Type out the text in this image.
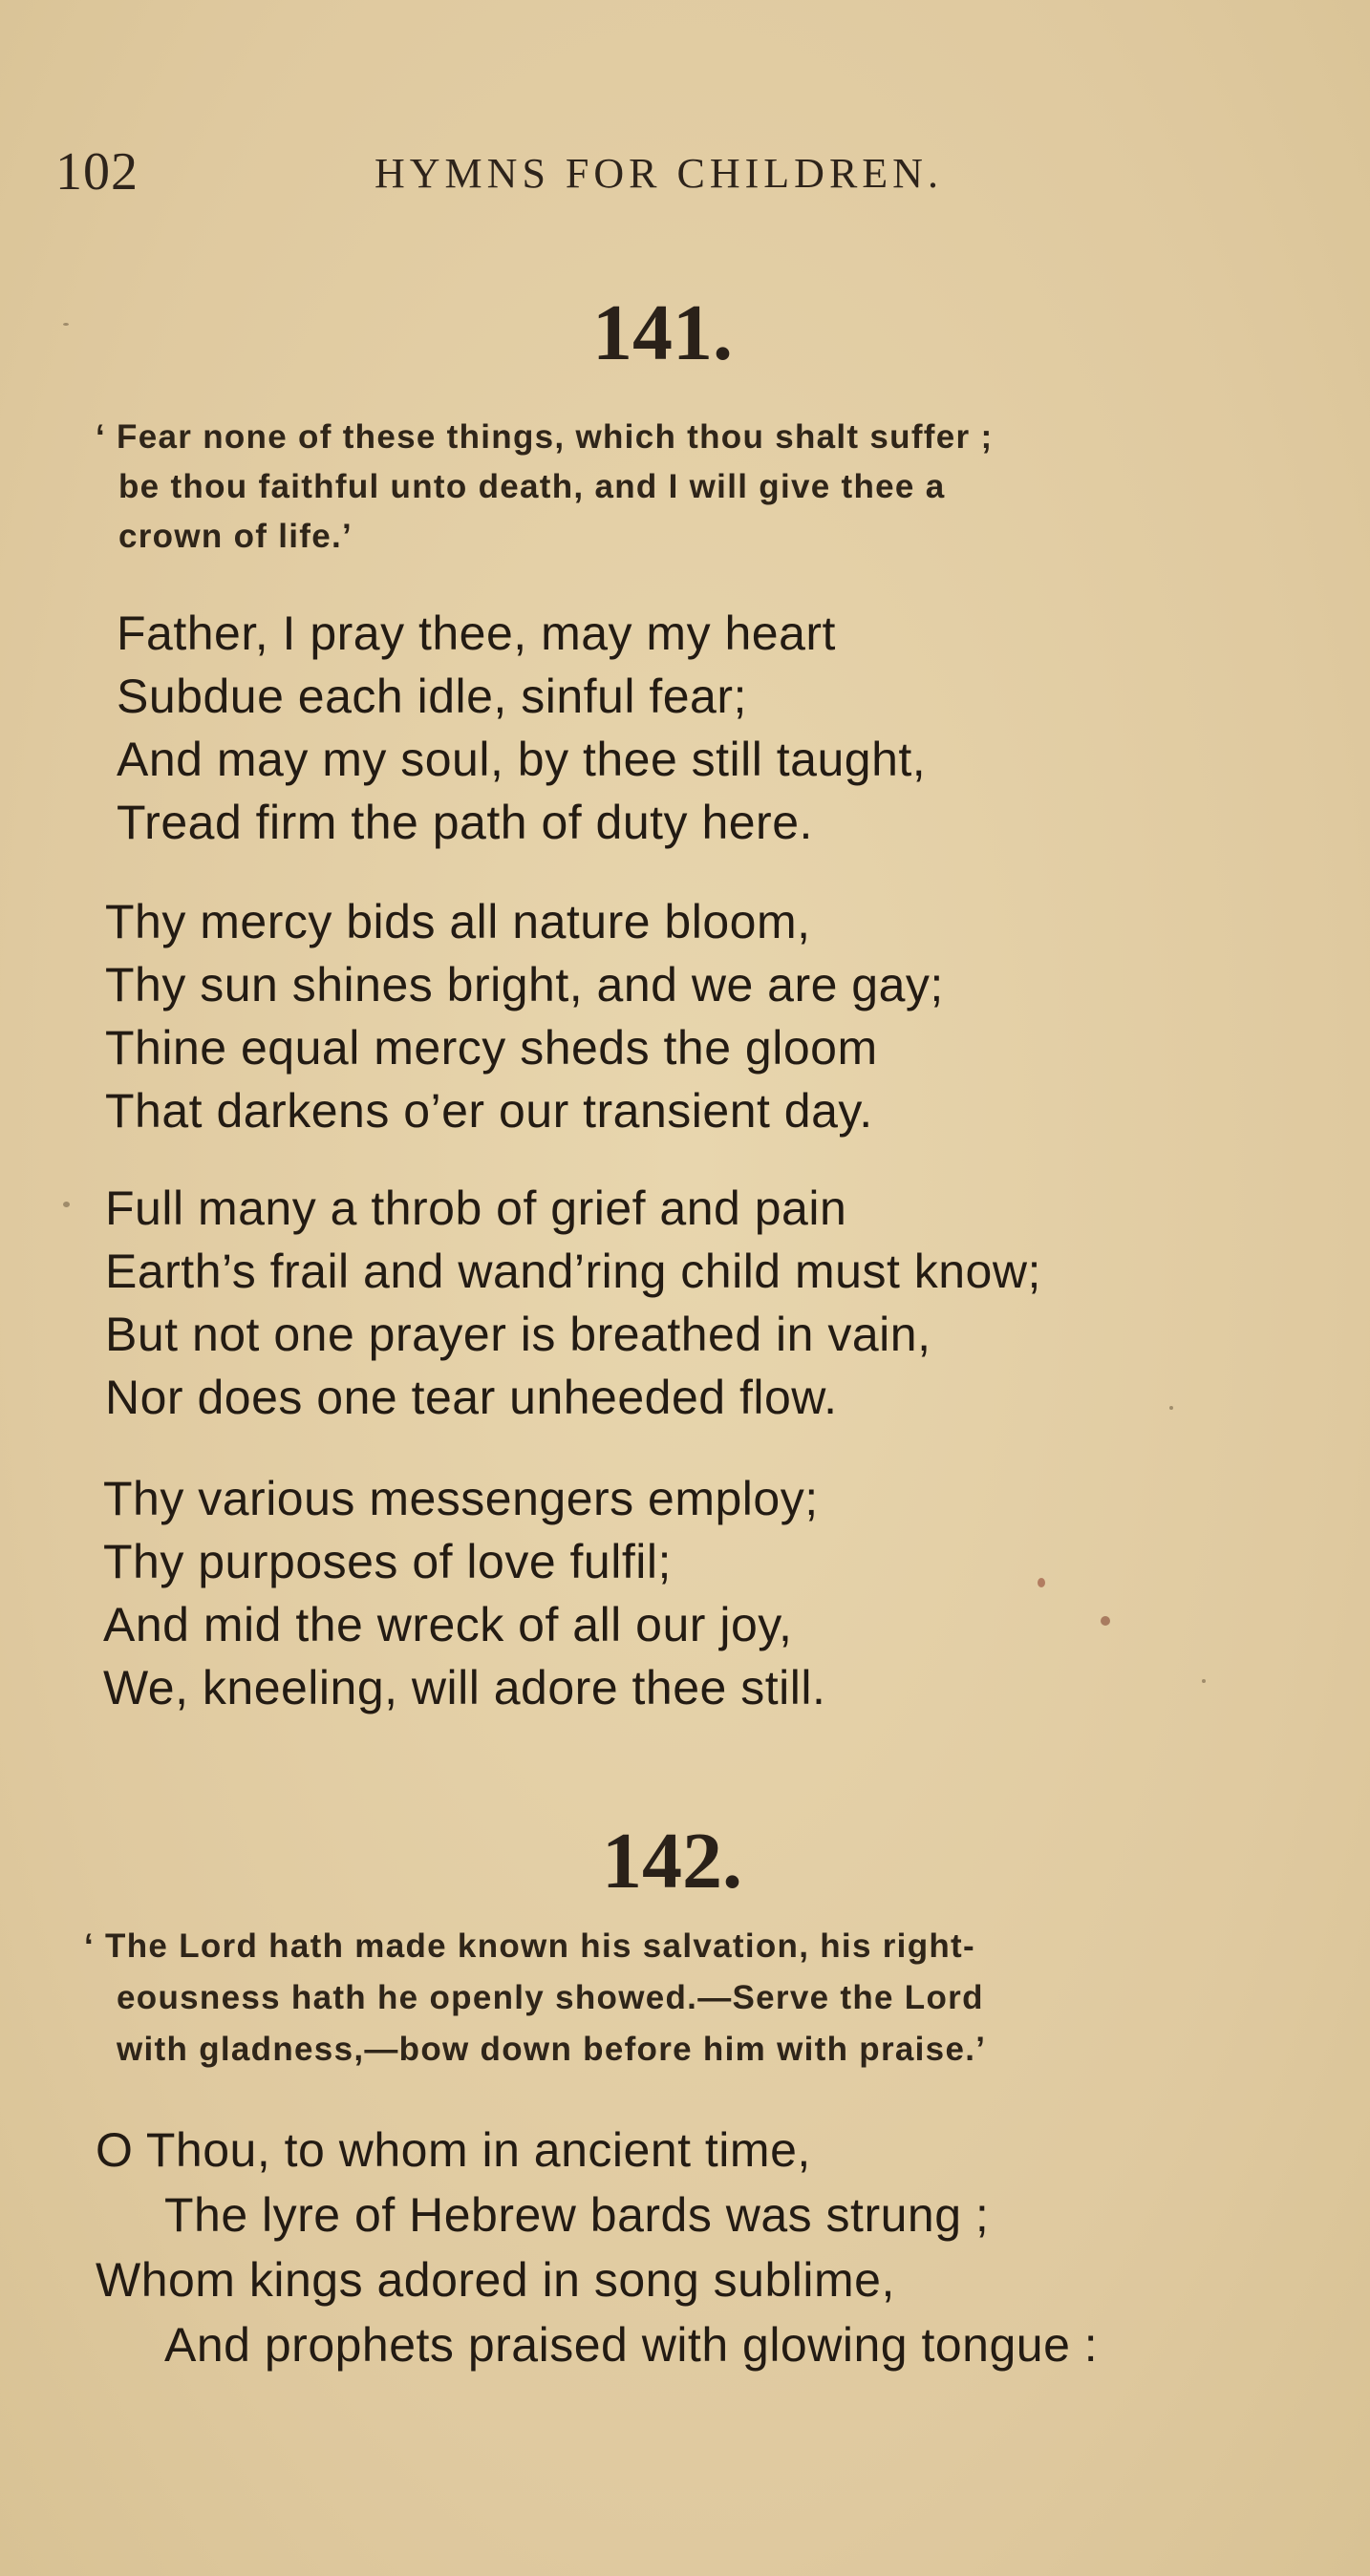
102	HYMNS FOR CHILDREN.
141.
‘ Fear none of these things, which thou shalt suffer ;
be thou faithful unto death, and I will give thee a
crown of life.’
Father, I pray thee, may my heart
Subdue each idle, sinful fear;
And may my soul, by thee still taught,
Tread firm the path of duty here.
Thy mercy bids all nature bloom,
Thy sun shines bright, and we are gay;
Thine equal mercy sheds the gloom
That darkens o’er our transient day.
Full many a throb of grief and pain
Earth’s frail and wand’ring child must know;
But not one prayer is breathed in vain,
Nor does one tear unheeded flow.
Thy various messengers employ;
Thy purposes of love fulfil;
And mid the wreck of all our joy,
We, kneeling, will adore thee still.
142.
‘ The Lord hath made known his salvation, his right-
eousness hath he openly showed.—Serve the Lord
with gladness,—bow down before him with praise.’
O Thou, to whom in ancient time,
The lyre of Hebrew bards was strung ;
Whom kings adored in song sublime,
And prophets praised with glowing tongue :
